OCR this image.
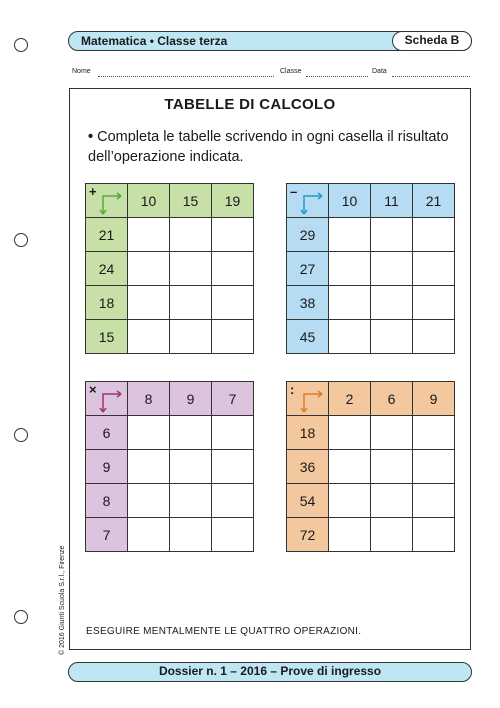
Matematica • Classe terza	Scheda B
Nome	Classe	Data
TABELLE DI CALCOLO
• Completa le tabelle scrivendo in ogni casella il risultato dell’operazione indicata.
+	10	15	19
21			
24			
18			
15			
–	10	11	21
29			
27			
38			
45			
×	8	9	7
6			
9			
8			
7			
:	2	6	9
18			
36			
54			
72			
ESEGUIRE MENTALMENTE LE QUATTRO OPERAZIONI.
© 2016 Giunti Scuola S.r.l., Firenze
Dossier n. 1 – 2016 – Prove di ingresso
